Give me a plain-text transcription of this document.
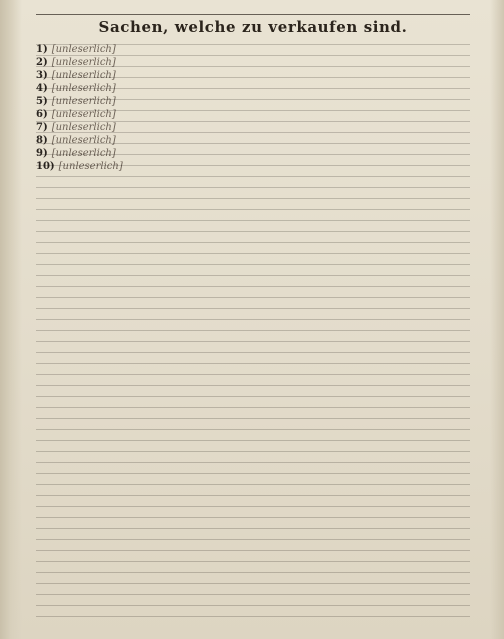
Sachen, welche zu verkaufen sind.
1) [unleserlich]
2) [unleserlich]
3) [unleserlich]
4) [unleserlich]
5) [unleserlich]
6) [unleserlich]
7) [unleserlich]
8) [unleserlich]
9) [unleserlich]
10) [unleserlich]
